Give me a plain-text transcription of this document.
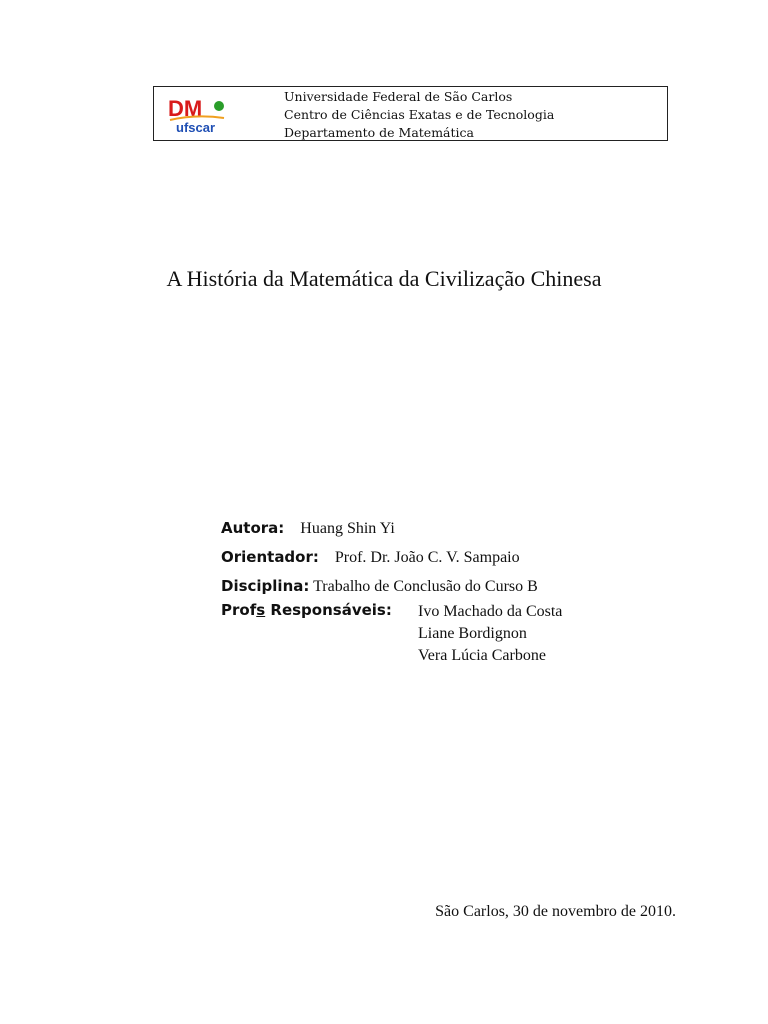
DM
ufscar
Universidade Federal de São Carlos
Centro de Ciências Exatas e de Tecnologia
Departamento de Matemática
A História da Matemática da Civilização Chinesa
Autora: Huang Shin Yi
Orientador: Prof. Dr. João C. V. Sampaio
Disciplina: Trabalho de Conclusão do Curso B
Profs Responsáveis: Ivo Machado da Costa
Liane Bordignon
Vera Lúcia Carbone
São Carlos, 30 de novembro de 2010.
